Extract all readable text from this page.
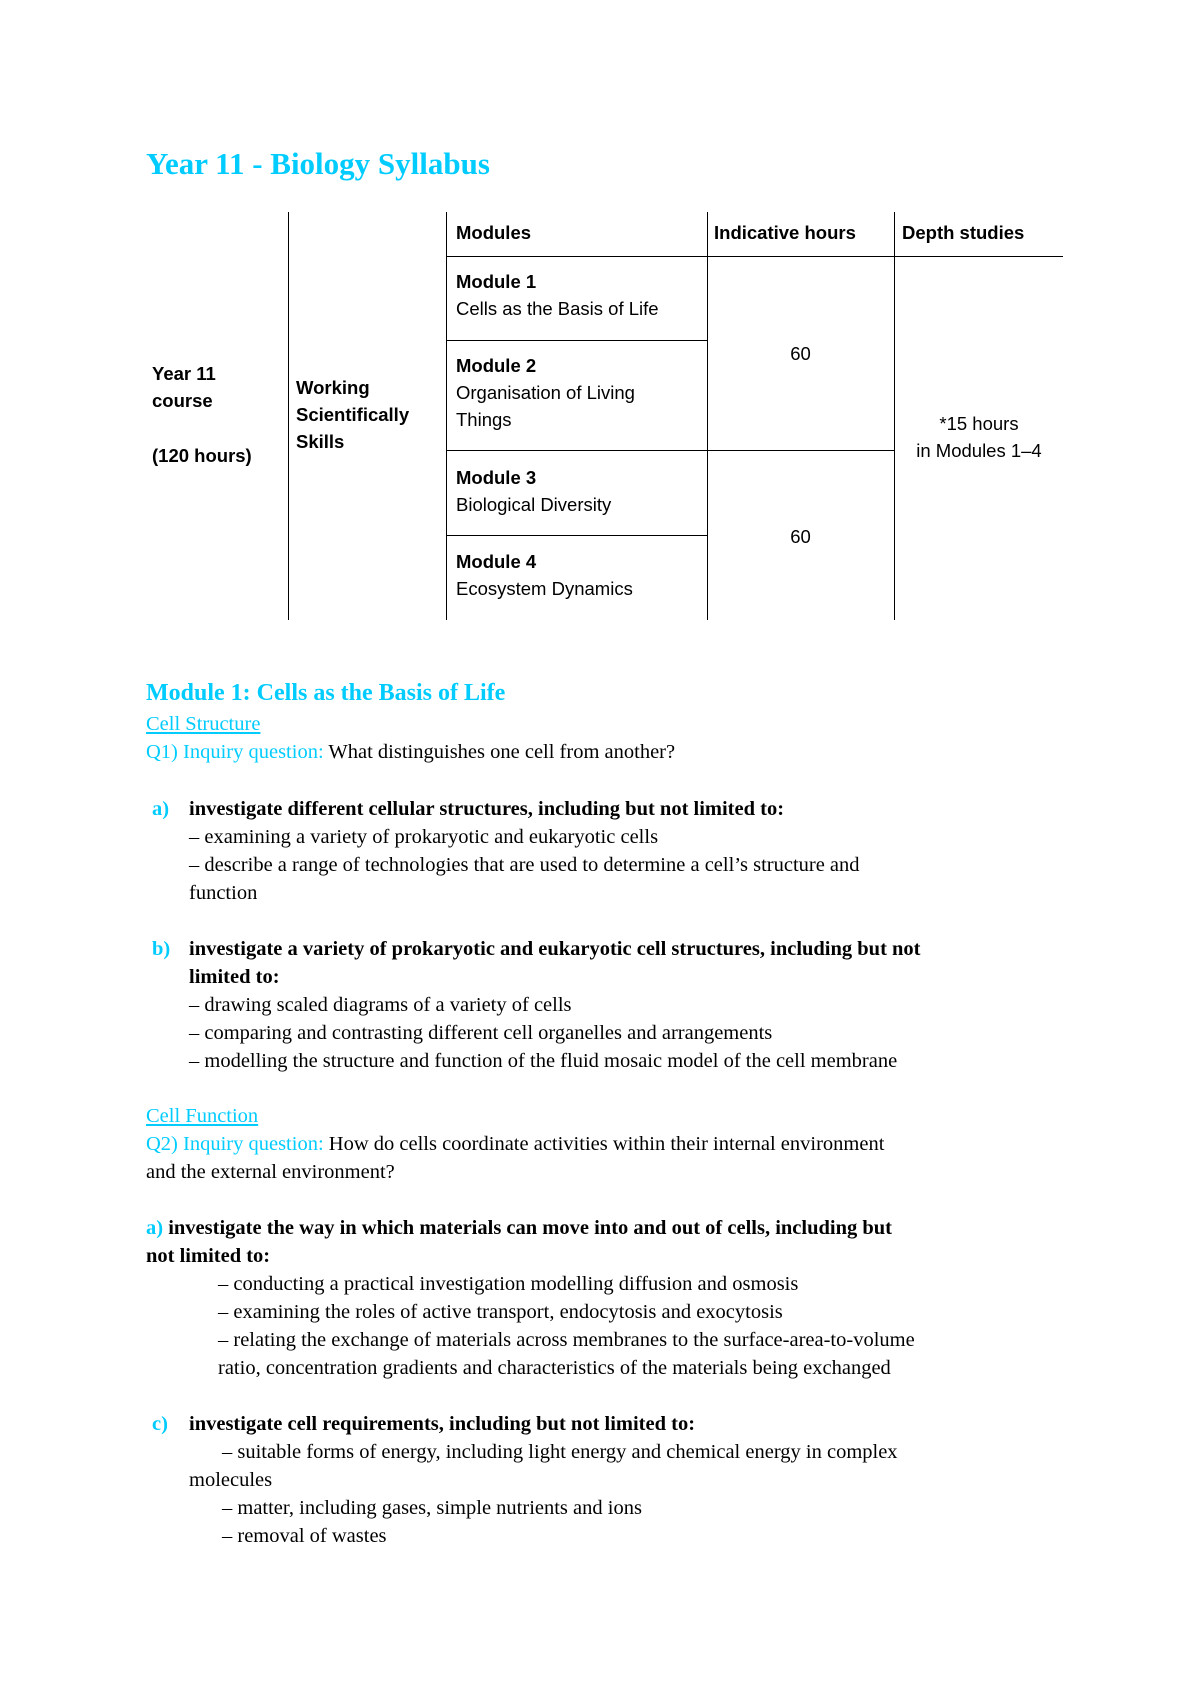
Year 11 - Biology Syllabus
Year 11
course
(120 hours)
Working
Scientifically
Skills
Modules	Indicative hours Depth studies
Module 1
Cells as the Basis of Life
Module 2
Organisation of Living Things
Module 3
Biological Diversity
Module 4
Ecosystem Dynamics
60
60
*15 hours
in Modules 1–4
Module 1: Cells as the Basis of Life
Cell Structure
Q1) Inquiry question: What distinguishes one cell from another?
a) investigate different cellular structures, including but not limited to:
– examining a variety of prokaryotic and eukaryotic cells
– describe a range of technologies that are used to determine a cell’s structure and
function
b) investigate a variety of prokaryotic and eukaryotic cell structures, including but not
limited to:
– drawing scaled diagrams of a variety of cells
– comparing and contrasting different cell organelles and arrangements
– modelling the structure and function of the fluid mosaic model of the cell membrane
Cell Function
Q2) Inquiry question: How do cells coordinate activities within their internal environment
and the external environment?
a) investigate the way in which materials can move into and out of cells, including but
not limited to:
– conducting a practical investigation modelling diffusion and osmosis
– examining the roles of active transport, endocytosis and exocytosis
– relating the exchange of materials across membranes to the surface-area-to-volume
ratio, concentration gradients and characteristics of the materials being exchanged
c) investigate cell requirements, including but not limited to:
– suitable forms of energy, including light energy and chemical energy in complex
molecules
– matter, including gases, simple nutrients and ions
– removal of wastes
